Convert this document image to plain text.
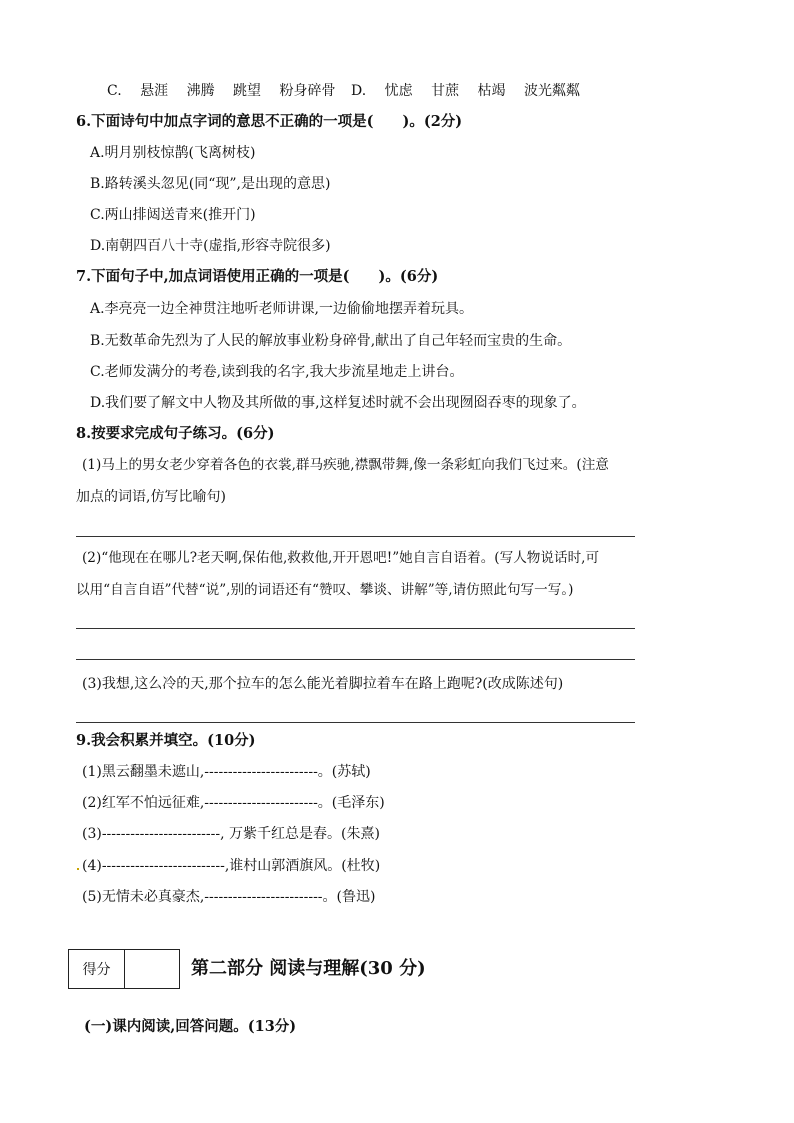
C. 悬涯 沸腾 跳望 粉身碎骨 D. 忧虑 甘蔗 枯竭 波光粼粼
6.下面诗句中加点字词的意思不正确的一项是(　　)。(2分)
A.明月别枝惊鹊(飞离树枝)
B.路转溪头忽见(同“现”,是出现的意思)
C.两山排闼送青来(推开门)
D.南朝四百八十寺(虚指,形容寺院很多)
7.下面句子中,加点词语使用正确的一项是(　　)。(6分)
A.李亮亮一边全神贯注地听老师讲课,一边偷偷地摆弄着玩具。
B.无数革命先烈为了人民的解放事业粉身碎骨,献出了自己年轻而宝贵的生命。
C.老师发满分的考卷,读到我的名字,我大步流星地走上讲台。
D.我们要了解文中人物及其所做的事,这样复述时就不会出现囫囵吞枣的现象了。
8.按要求完成句子练习。(6分)
(1)马上的男女老少穿着各色的衣裳,群马疾驰,襟飘带舞,像一条彩虹向我们飞过来。(注意
加点的词语,仿写比喻句)
(2)“他现在在哪儿?老天啊,保佑他,救救他,开开恩吧!”她自言自语着。(写人物说话时,可
以用“自言自语”代替“说”,别的词语还有“赞叹、攀谈、讲解”等,请仿照此句写一写。)
(3)我想,这么冷的天,那个拉车的怎么能光着脚拉着车在路上跑呢?(改成陈述句)
9.我会积累并填空。(10分)
(1)黑云翻墨未遮山,------------------------。(苏轼)
(2)红军不怕远征难,------------------------。(毛泽东)
(3)-------------------------, 万紫千红总是春。(朱熹)
(4)--------------------------,谁村山郭酒旗风。(杜牧)
(5)无情未必真豪杰,-------------------------。(鲁迅)
得分	第二部分 阅读与理解(30 分)
(一)课内阅读,回答问题。(13分)
